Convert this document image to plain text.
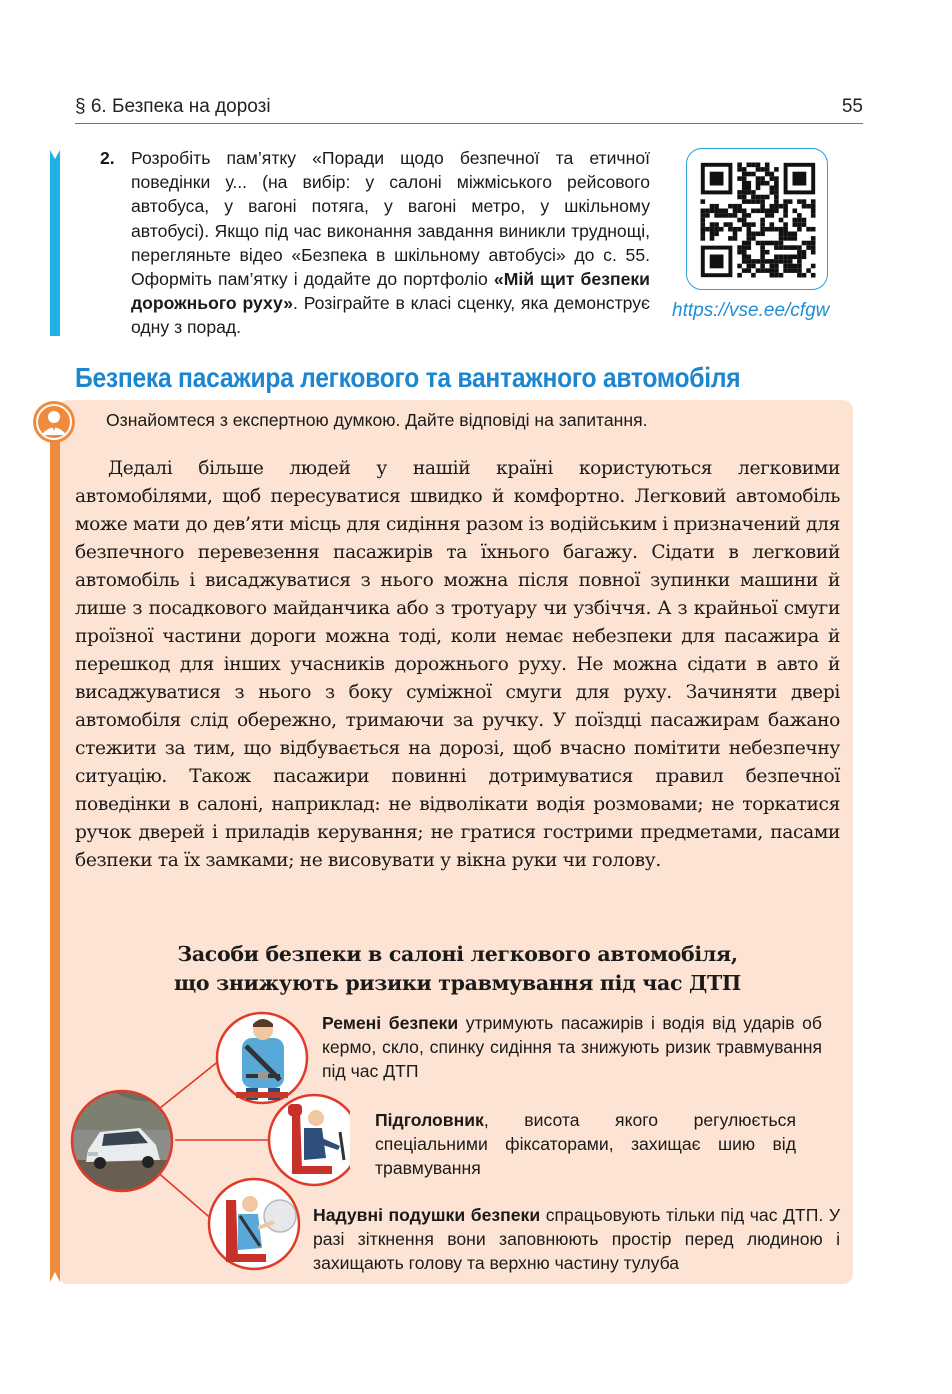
§ 6. Безпека на дорозі	55
2. Розробіть пам’ятку «Поради щодо безпечної та етичної поведінки у... (на вибір: у салоні міжміського рейсового автобуса, у вагоні потяга, у вагоні метро, у шкільному автобусі). Якщо під час виконання завдання виникли труднощі, перегляньте відео «Безпека в шкільному автобусі» до с. 55. Оформіть пам’ятку і додайте до портфоліо «Мій щит безпеки дорожнього руху». Розіграйте в класі сценку, яка демонструє одну з порад.
https://vse.ee/cfgw
Безпека пасажира легкового та вантажного автомобіля
Ознайомтеся з експертною думкою. Дайте відповіді на запитання.

Дедалі більше людей у нашій країні користуються легковими автомобілями, щоб пересуватися швидко й комфортно. Легковий автомобіль може мати до дев’яти місць для сидіння разом із водійським і призначений для безпечного перевезення пасажирів та їхнього багажу. Сідати в легковий автомобіль і висаджуватися з нього можна після повної зупинки машини й лише з посадкового майданчика або з тротуару чи узбіччя. А з крайньої смуги проїзної частини дороги можна тоді, коли немає небезпеки для пасажира й перешкод для інших учасників дорожнього руху. Не можна сідати в авто й висаджуватися з нього з боку суміжної смуги для руху. Зачиняти двері автомобіля слід обережно, тримаючи за ручку. У поїздці пасажирам бажано стежити за тим, що відбувається на дорозі, щоб вчасно помітити небезпечну ситуацію. Також пасажири повинні дотримуватися правил безпечної поведінки в салоні, наприклад: не відволікати водія розмовами; не торкатися ручок дверей і приладів керування; не гратися гострими предметами, пасами безпеки та їх замками; не висовувати у вікна руки чи голову.

Засоби безпеки в салоні легкового автомобіля,
що знижують ризики травмування під час ДТП
Ремені безпеки утримують пасажирів і водія від ударів об кермо, скло, спинку сидіння та знижують ризик травмування під час ДТП
Підголовник, висота якого регулюється спеціальними фіксаторами, захищає шию від травмування
Надувні подушки безпеки спрацьовують тільки під час ДТП. У разі зіткнення вони заповнюють простір перед людиною і захищають голову та верхню частину тулуба
